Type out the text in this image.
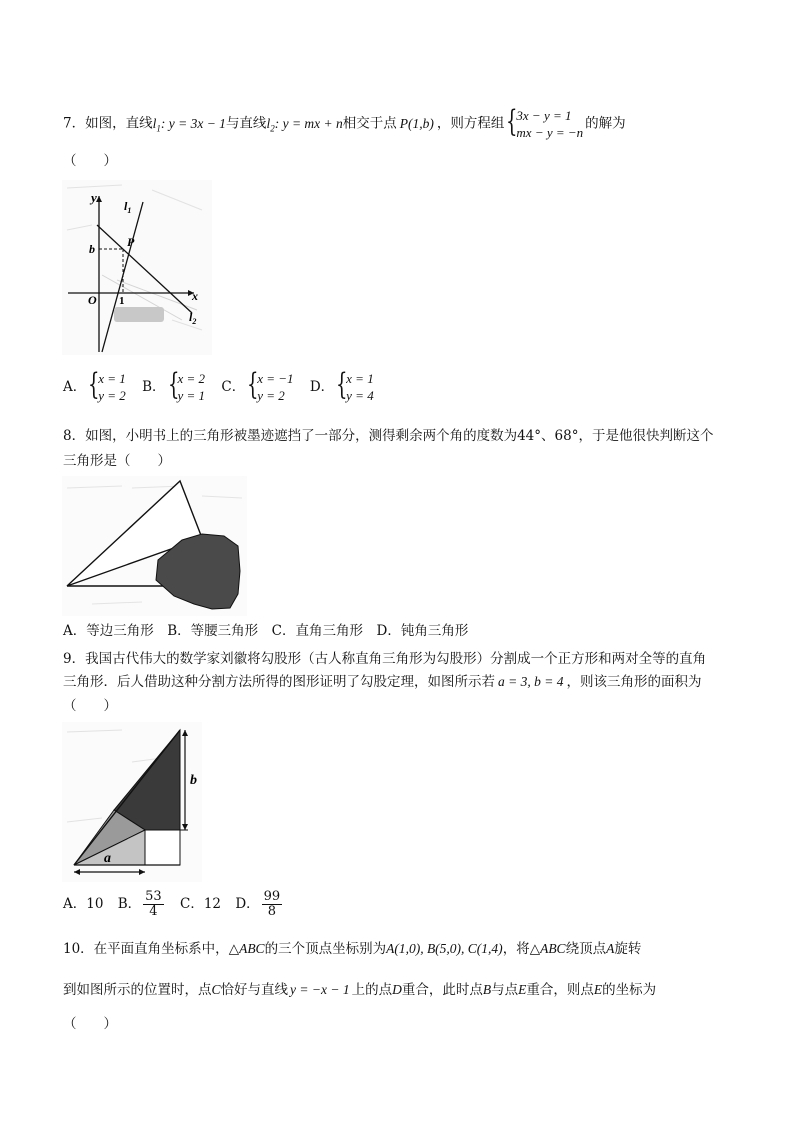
7．如图，直线$l_1$: y = 3x − 1与直线$l_2$: y = mx + n相交于点 P(1,b) ，则方程组 {
3x − y = 1
mx − y = −n
的解为
（　　）
y
$l_1$
b	P
O 1	x
$l_2$
A． {
x = 1
y = 2

B． {
x = 2
y = 1

C． {
x = −1
y = 2

D． {
x = 1
y = 4
8．如图，小明书上的三角形被墨迹遮挡了一部分，测得剩余两个角的度数为44°、68°，于是他很快判断这个
三角形是（　　）
A．等边三角形　B．等腰三角形　C．直角三角形　D．钝角三角形
9．我国古代伟大的数学家刘徽将勾股形（古人称直角三角形为勾股形）分割成一个正方形和两对全等的直角
三角形．后人借助这种分割方法所得的图形证明了勾股定理，如图所示若 a = 3, b = 4 ，则该三角形的面积为
（　　）
b
a
A．10 B． $\frac{53}{4}$ C．12 D． $\frac{99}{8}$
10．在平面直角坐标系中，△ABC的三个顶点坐标别为A(1,0), B(5,0), C(1,4)，将△ABC绕顶点A旋转
到如图所示的位置时，点C恰好与直线 y = −x − 1 上的点D重合，此时点B与点E重合，则点E的坐标为
（　　）
